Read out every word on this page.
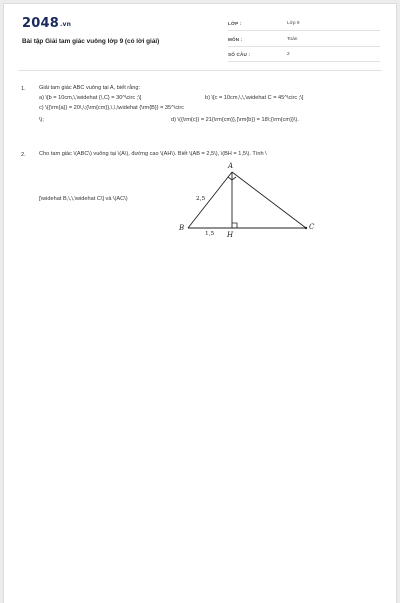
2048.vn
Bài tập Giải tam giác vuông lớp 9 (có lời giải)
LỚP :	Lớp 9
MÔN :	Toán
SỐ CÂU :	2
1. Giải tam giác ABC vuông tại A, biết rằng:
a) \[b = 10cm,\,\widehat {\,C} = 30^\circ ;\]	b) \[c = 10cm,\,\,\widehat C = 45^\circ ;\]
c) \({\rm{a}} = 20\,\;{\rm{cm}},\,\,\widehat {\rm{B}} = 35^\circ
\);	d) \({\rm{c}} = 21{\rm{cm}},{\rm{b}} = 18\;{\rm{cm}}\).
2. Cho tam giác \(ABC\) vuông tại \(A\), đường cao \(AH\). Biết \(AB = 2,5\), \(BH = 1,5\). Tính \
[\widehat B,\,\,\widehat C\] và \(AC\)
A
B	C
H
2,5
1,5
